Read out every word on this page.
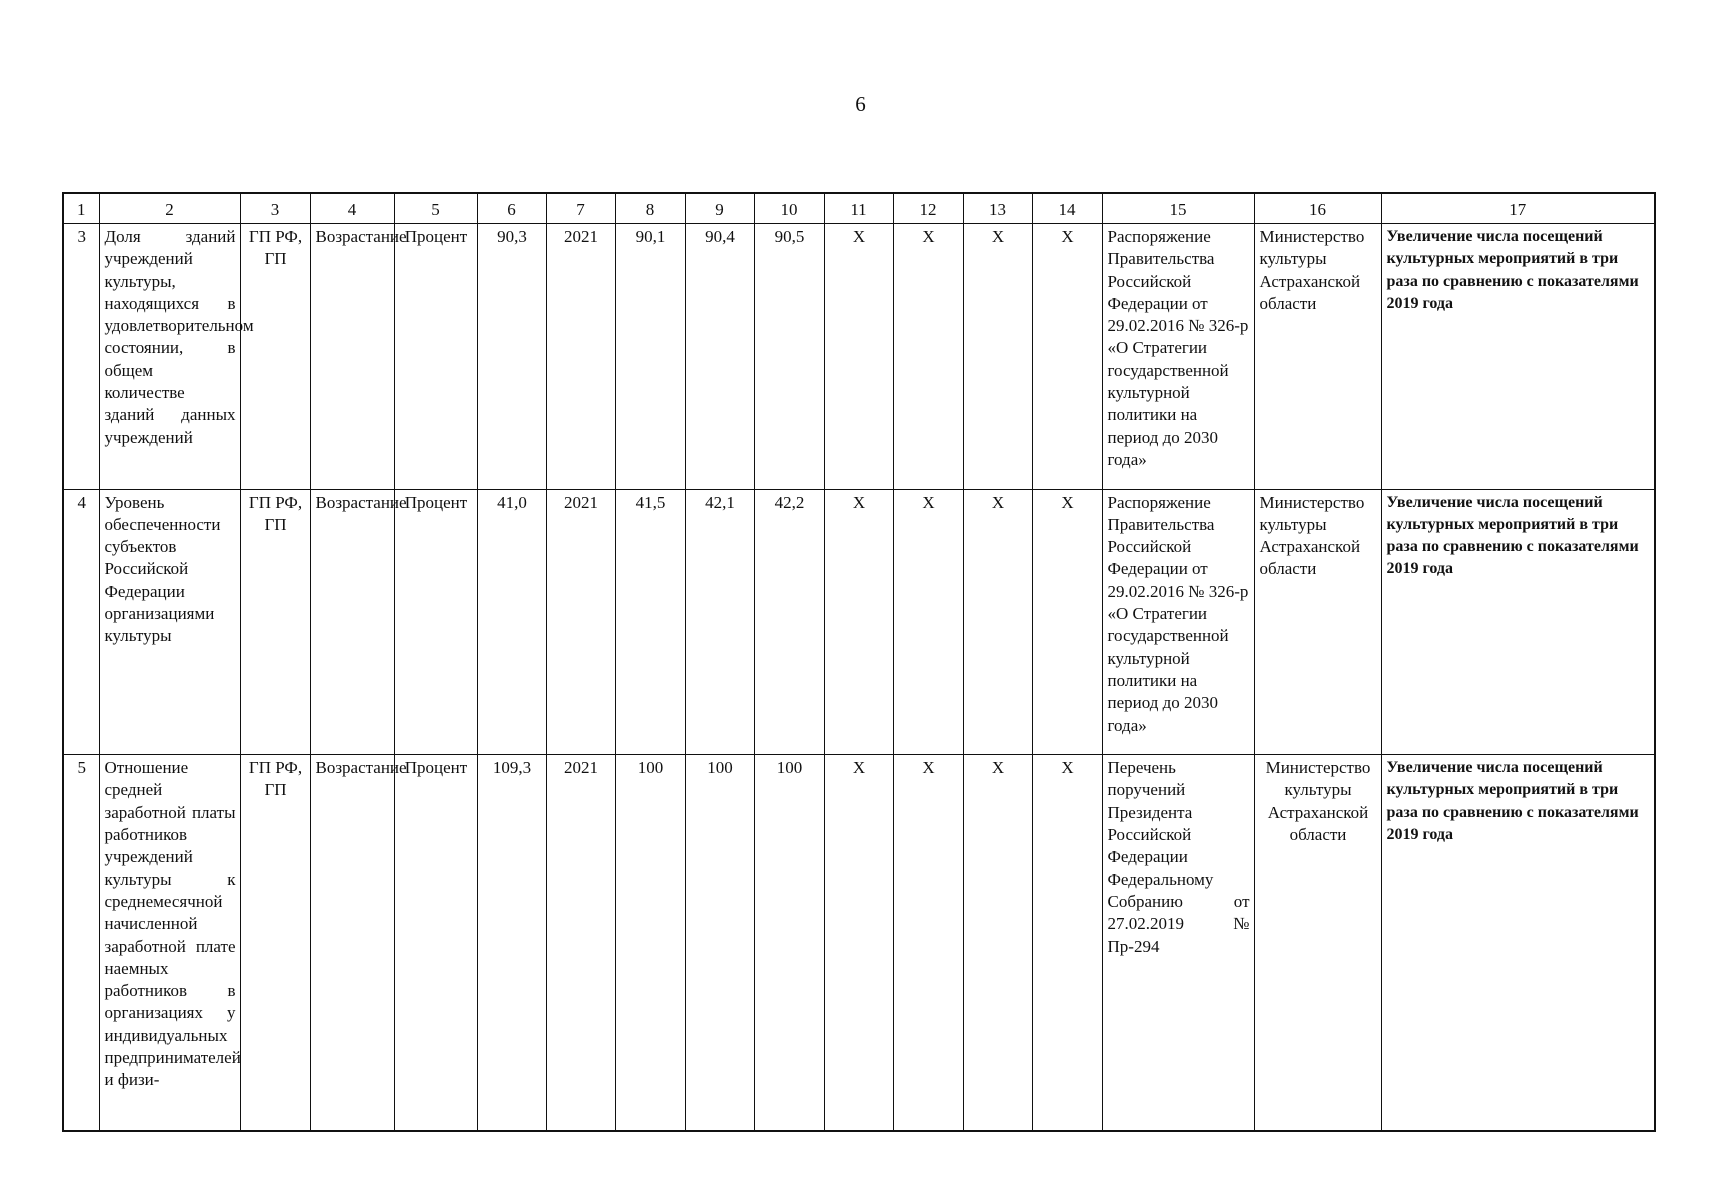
6
1	2	3	4	5	6	7	8	9	10	11	12	13	14	15	16	17
3	Доля зданий учреждений культуры, находящихся в удовлетворительном состоянии, в общем количестве зданий данных учреждений	ГП РФ, ГП	Возрастание	Процент	90,3	2021	90,1	90,4	90,5	Х	Х	Х	Х	Распоряжение Правительства Российской Федерации от 29.02.2016 № 326-р «О Стратегии государственной культурной политики на период до 2030 года»	Министерство культуры Астраханской области	Увеличение числа посещений культурных мероприятий в три раза по сравнению с показателями 2019 года
4	Уровень обеспеченности субъектов Российской Федерации организациями культуры	ГП РФ, ГП	Возрастание	Процент	41,0	2021	41,5	42,1	42,2	Х	Х	Х	Х	Распоряжение Правительства Российской Федерации от 29.02.2016 № 326-р «О Стратегии государственной культурной политики на период до 2030 года»	Министерство культуры Астраханской области	Увеличение числа посещений культурных мероприятий в три раза по сравнению с показателями 2019 года
5	Отношение средней заработной платы работников учреждений культуры к среднемесячной начисленной заработной плате наемных работников в организациях у индивидуальных предпринимателей и физи-	ГП РФ, ГП	Возрастание	Процент	109,3	2021	100	100	100	Х	Х	Х	Х	Перечень поручений Президента Российской Федерации Федеральному Собранию от 27.02.2019 № Пр-294	Министерство культуры Астраханской области	Увеличение числа посещений культурных мероприятий в три раза по сравнению с показателями 2019 года
